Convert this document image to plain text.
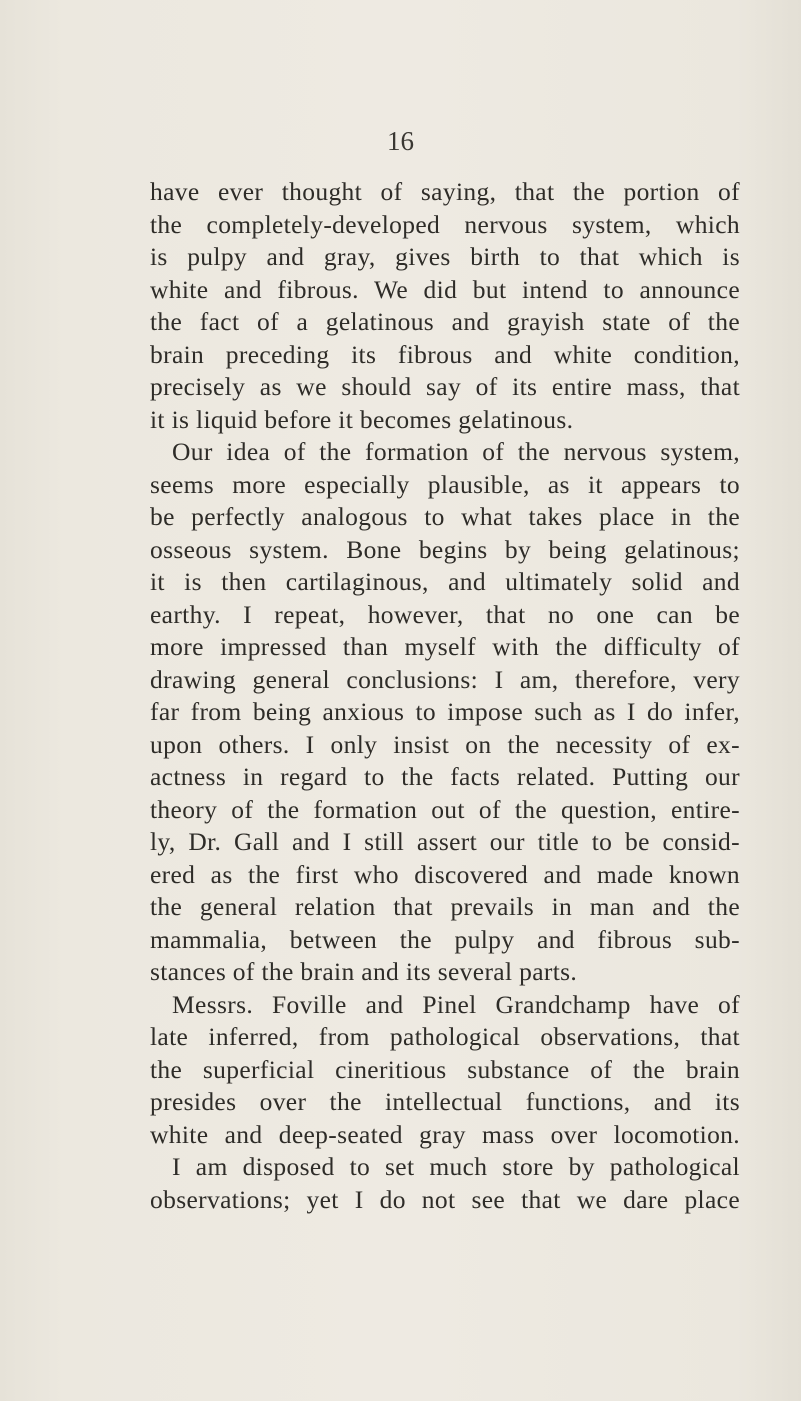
16
have ever thought of saying, that the portion of
the completely-developed nervous system, which
is pulpy and gray, gives birth to that which is
white and fibrous. We did but intend to announce
the fact of a gelatinous and grayish state of the
brain preceding its fibrous and white condition,
precisely as we should say of its entire mass, that
it is liquid before it becomes gelatinous.
Our idea of the formation of the nervous system,
seems more especially plausible, as it appears to
be perfectly analogous to what takes place in the
osseous system. Bone begins by being gelatinous;
it is then cartilaginous, and ultimately solid and
earthy. I repeat, however, that no one can be
more impressed than myself with the difficulty of
drawing general conclusions: I am, therefore, very
far from being anxious to impose such as I do infer,
upon others. I only insist on the necessity of ex-
actness in regard to the facts related. Putting our
theory of the formation out of the question, entire-
ly, Dr. Gall and I still assert our title to be consid-
ered as the first who discovered and made known
the general relation that prevails in man and the
mammalia, between the pulpy and fibrous sub-
stances of the brain and its several parts.
Messrs. Foville and Pinel Grandchamp have of
late inferred, from pathological observations, that
the superficial cineritious substance of the brain
presides over the intellectual functions, and its
white and deep-seated gray mass over locomotion.
I am disposed to set much store by pathological
observations; yet I do not see that we dare place
